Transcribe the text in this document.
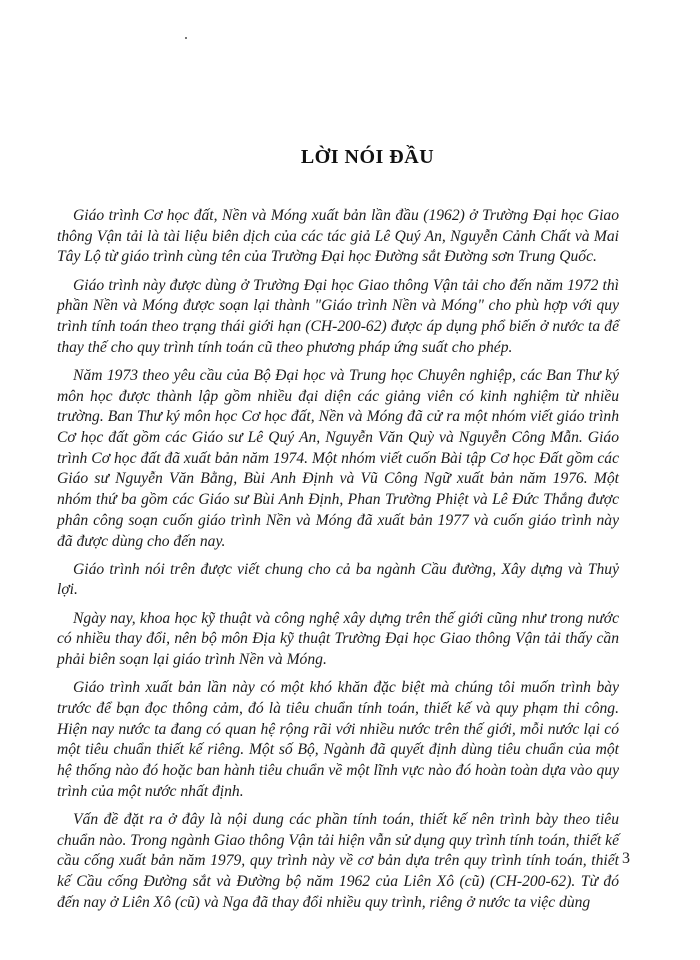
LỜI NÓI ĐẦU

Giáo trình Cơ học đất, Nền và Móng xuất bản lần đầu (1962) ở Trường Đại học Giao thông Vận tải là tài liệu biên dịch của các tác giả Lê Quý An, Nguyễn Cảnh Chất và Mai Tây Lộ từ giáo trình cùng tên của Trường Đại học Đường sắt Đường sơn Trung Quốc.

Giáo trình này được dùng ở Trường Đại học Giao thông Vận tải cho đến năm 1972 thì phần Nền và Móng được soạn lại thành "Giáo trình Nền và Móng" cho phù hợp với quy trình tính toán theo trạng thái giới hạn (CH-200-62) được áp dụng phổ biến ở nước ta để thay thế cho quy trình tính toán cũ theo phương pháp ứng suất cho phép.

Năm 1973 theo yêu cầu của Bộ Đại học và Trung học Chuyên nghiệp, các Ban Thư ký môn học được thành lập gồm nhiều đại diện các giảng viên có kinh nghiệm từ nhiều trường. Ban Thư ký môn học Cơ học đất, Nền và Móng đã cử ra một nhóm viết giáo trình Cơ học đất gồm các Giáo sư Lê Quý An, Nguyễn Văn Quỳ và Nguyễn Công Mẫn. Giáo trình Cơ học đất đã xuất bản năm 1974. Một nhóm viết cuốn Bài tập Cơ học Đất gồm các Giáo sư Nguyễn Văn Bằng, Bùi Anh Định và Vũ Công Ngữ xuất bản năm 1976. Một nhóm thứ ba gồm các Giáo sư Bùi Anh Định, Phan Trường Phiệt và Lê Đức Thắng được phân công soạn cuốn giáo trình Nền và Móng đã xuất bản 1977 và cuốn giáo trình này đã được dùng cho đến nay.

Giáo trình nói trên được viết chung cho cả ba ngành Cầu đường, Xây dựng và Thuỷ lợi.

Ngày nay, khoa học kỹ thuật và công nghệ xây dựng trên thế giới cũng như trong nước có nhiều thay đổi, nên bộ môn Địa kỹ thuật Trường Đại học Giao thông Vận tải thấy cần phải biên soạn lại giáo trình Nền và Móng.

Giáo trình xuất bản lần này có một khó khăn đặc biệt mà chúng tôi muốn trình bày trước để bạn đọc thông cảm, đó là tiêu chuẩn tính toán, thiết kế và quy phạm thi công. Hiện nay nước ta đang có quan hệ rộng rãi với nhiều nước trên thế giới, mỗi nước lại có một tiêu chuẩn thiết kế riêng. Một số Bộ, Ngành đã quyết định dùng tiêu chuẩn của một hệ thống nào đó hoặc ban hành tiêu chuẩn về một lĩnh vực nào đó hoàn toàn dựa vào quy trình của một nước nhất định.

Vấn đề đặt ra ở đây là nội dung các phần tính toán, thiết kế nên trình bày theo tiêu chuẩn nào. Trong ngành Giao thông Vận tải hiện vẫn sử dụng quy trình tính toán, thiết kế cầu cống xuất bản năm 1979, quy trình này về cơ bản dựa trên quy trình tính toán, thiết kế Cầu cống Đường sắt và Đường bộ năm 1962 của Liên Xô (cũ) (CH-200-62). Từ đó đến nay ở Liên Xô (cũ) và Nga đã thay đổi nhiều quy trình, riêng ở nước ta việc dùng

3
